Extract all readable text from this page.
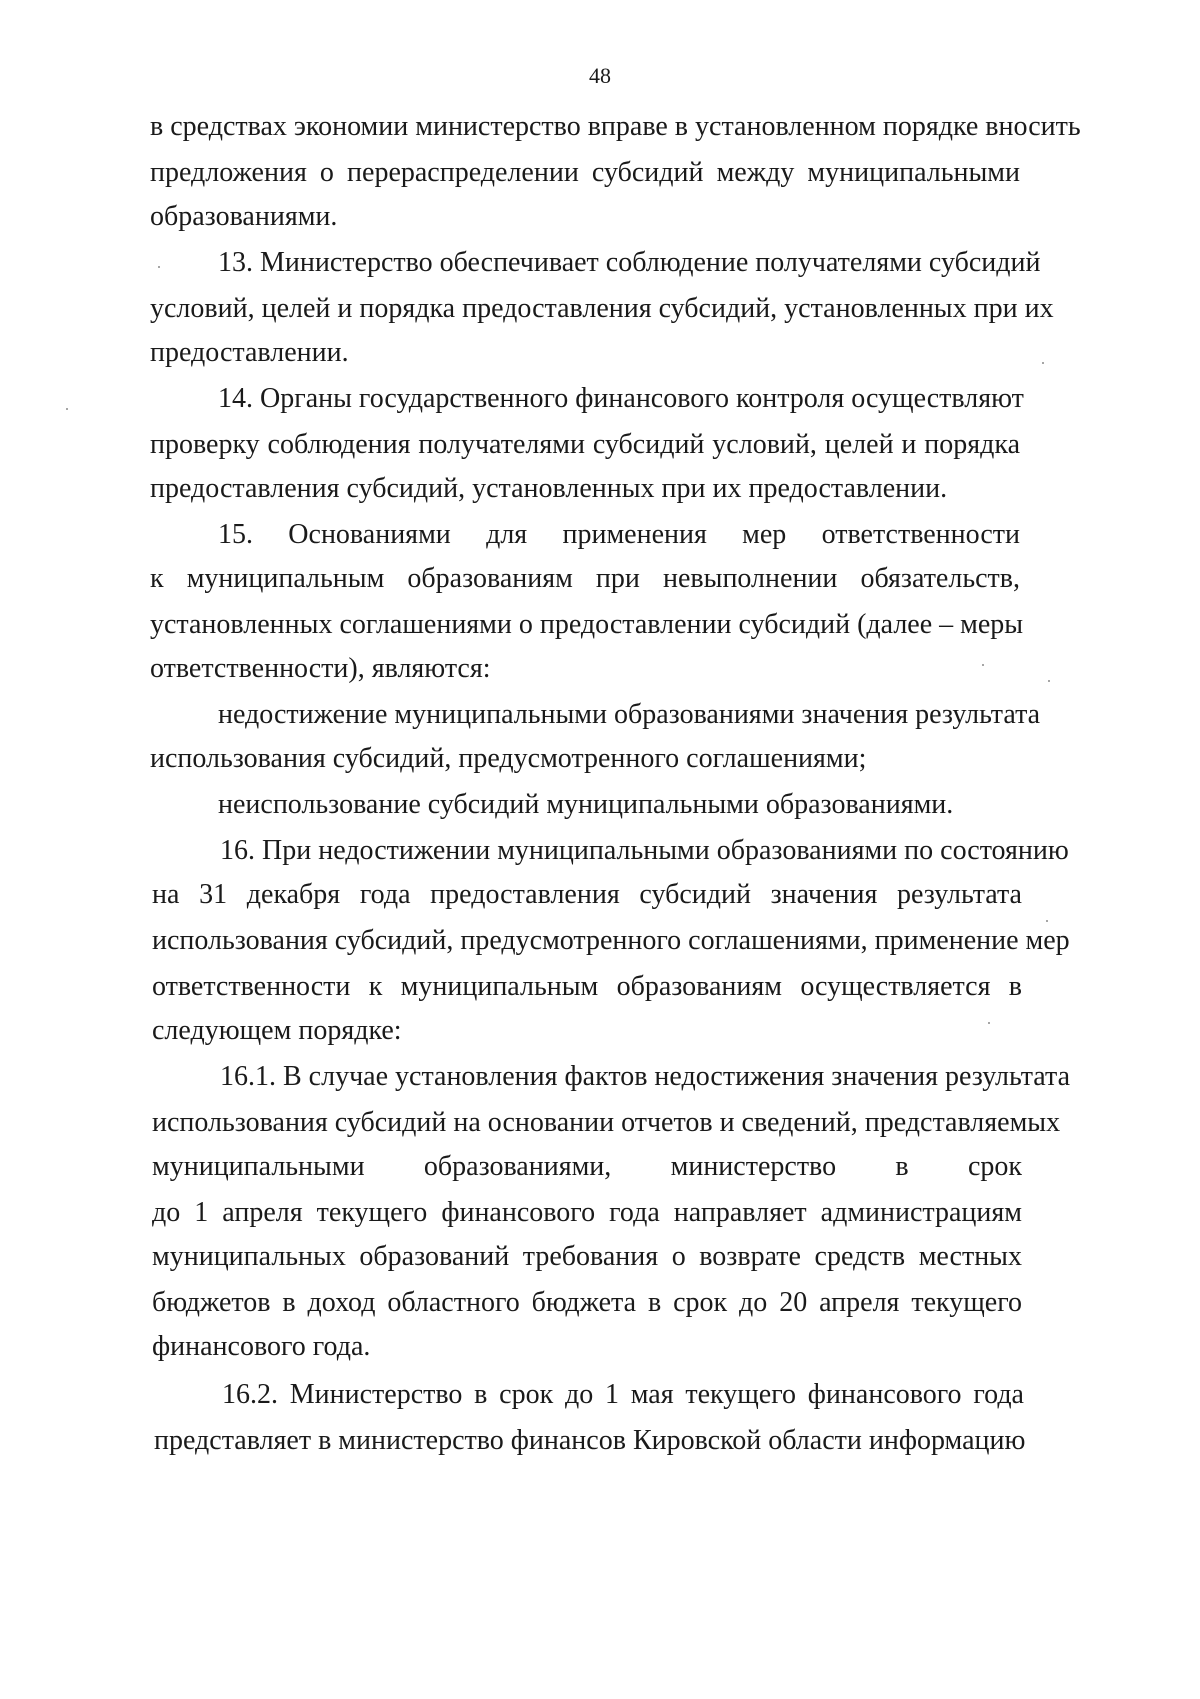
48
в средствах экономии министерство вправе в установленном порядке вносить
предложения о перераспределении субсидий между муниципальными
образованиями.
13. Министерство обеспечивает соблюдение получателями субсидий
условий, целей и порядка предоставления субсидий, установленных при их
предоставлении.
14. Органы государственного финансового контроля осуществляют
проверку соблюдения получателями субсидий условий, целей и порядка
предоставления субсидий, установленных при их предоставлении.
15. Основаниями для применения мер ответственности
к муниципальным образованиям при невыполнении обязательств,
установленных соглашениями о предоставлении субсидий (далее – меры
ответственности), являются:
недостижение муниципальными образованиями значения результата
использования субсидий, предусмотренного соглашениями;
неиспользование субсидий муниципальными образованиями.
16. При недостижении муниципальными образованиями по состоянию
на 31 декабря года предоставления субсидий значения результата
использования субсидий, предусмотренного соглашениями, применение мер
ответственности к муниципальным образованиям осуществляется в
следующем порядке:
16.1. В случае установления фактов недостижения значения результата
использования субсидий на основании отчетов и сведений, представляемых
муниципальными образованиями, министерство в срок
до 1 апреля текущего финансового года направляет администрациям
муниципальных образований требования о возврате средств местных
бюджетов в доход областного бюджета в срок до 20 апреля текущего
финансового года.
16.2. Министерство в срок до 1 мая текущего финансового года
представляет в министерство финансов Кировской области информацию
